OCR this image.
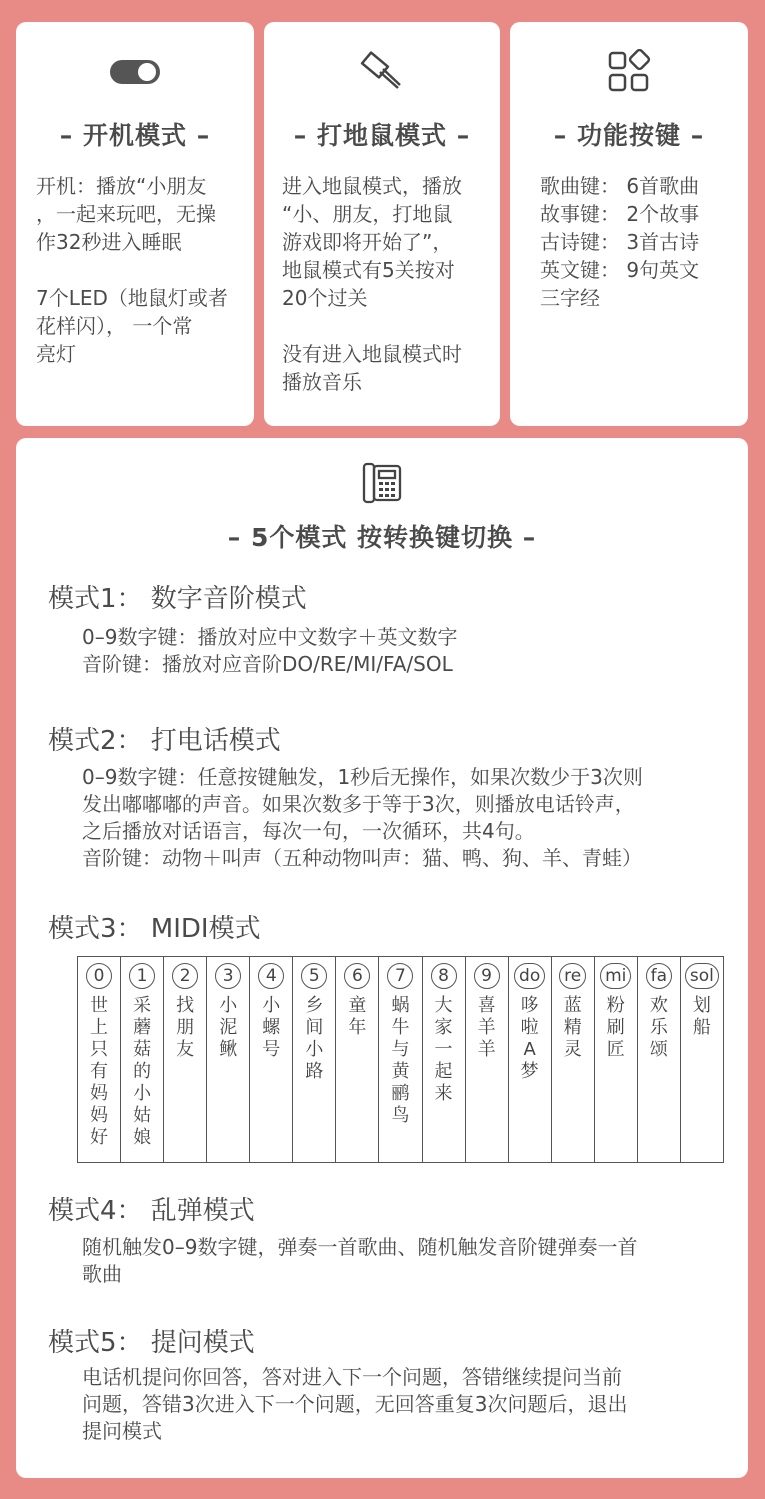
– 开机模式 –

开机：播放“小朋友
，一起来玩吧，无操
作32秒进入睡眠

7个LED（地鼠灯或者
花样闪）， 一个常
亮灯

– 打地鼠模式 –

进入地鼠模式，播放
“小、朋友，打地鼠
游戏即将开始了”，
地鼠模式有5关按对
20个过关

没有进入地鼠模式时
播放音乐

– 功能按键 –
歌曲键： 6首歌曲
故事键： 2个故事
古诗键： 3首古诗
英文键： 9句英文
三字经
– 5个模式 按转换键切换 –
模式1： 数字音阶模式
0–9数字键：播放对应中文数字＋英文数字
音阶键：播放对应音阶DO/RE/MI/FA/SOL
模式2： 打电话模式
0–9数字键：任意按键触发，1秒后无操作，如果次数少于3次则
发出嘟嘟嘟的声音。如果次数多于等于3次，则播放电话铃声，
之后播放对话语言，每次一句，一次循环，共4句。
音阶键：动物＋叫声（五种动物叫声：猫、鸭、狗、羊、青蛙）
模式3： MIDI模式
0
世上只有妈妈好
1
采蘑菇的小姑娘
2
找朋友
3
小泥鳅
4
小螺号
5
乡间小路
6
童年
7
蜗牛与黄鹂鸟
8
大家一起来
9
喜羊羊
do
哆啦A梦
re
蓝精灵
mi
粉刷匠
fa
欢乐颂
sol
划船
模式4： 乱弹模式
随机触发0–9数字键，弹奏一首歌曲、随机触发音阶键弹奏一首
歌曲
模式5： 提问模式
电话机提问你回答，答对进入下一个问题，答错继续提问当前
问题，答错3次进入下一个问题，无回答重复3次问题后，退出
提问模式
